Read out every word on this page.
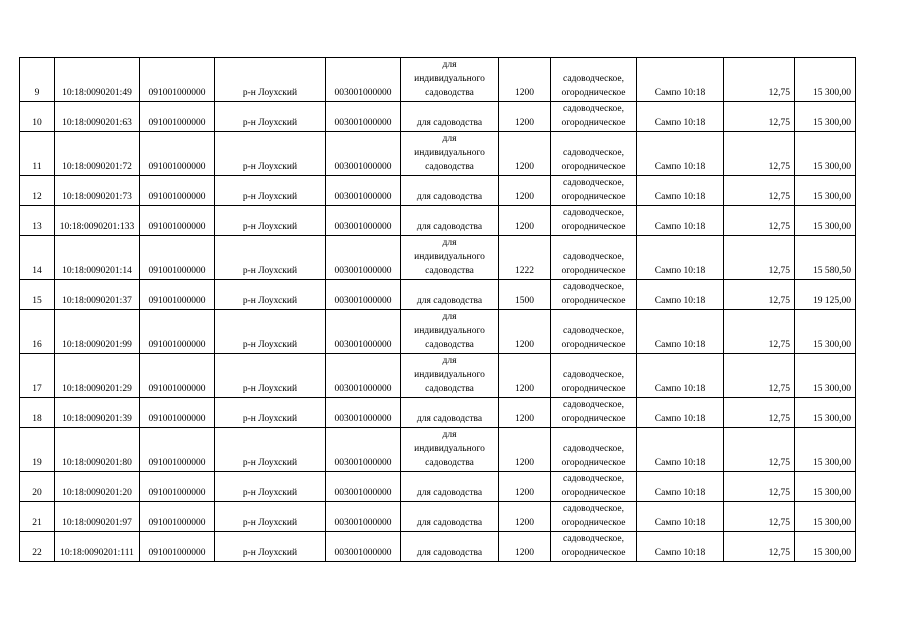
9	10:18:0090201:49	091001000000	р-н Лоухский	003001000000	для
индивидуального
садоводства	1200	садоводческое,
огородническое	Сампо 10:18	12,75	15 300,00
10	10:18:0090201:63	091001000000	р-н Лоухский	003001000000	для садоводства	1200	садоводческое,
огородническое	Сампо 10:18	12,75	15 300,00
11	10:18:0090201:72	091001000000	р-н Лоухский	003001000000	для
индивидуального
садоводства	1200	садоводческое,
огородническое	Сампо 10:18	12,75	15 300,00
12	10:18:0090201:73	091001000000	р-н Лоухский	003001000000	для садоводства	1200	садоводческое,
огородническое	Сампо 10:18	12,75	15 300,00
13	10:18:0090201:133	091001000000	р-н Лоухский	003001000000	для садоводства	1200	садоводческое,
огородническое	Сампо 10:18	12,75	15 300,00
14	10:18:0090201:14	091001000000	р-н Лоухский	003001000000	для
индивидуального
садоводства	1222	садоводческое,
огородническое	Сампо 10:18	12,75	15 580,50
15	10:18:0090201:37	091001000000	р-н Лоухский	003001000000	для садоводства	1500	садоводческое,
огородническое	Сампо 10:18	12,75	19 125,00
16	10:18:0090201:99	091001000000	р-н Лоухский	003001000000	для
индивидуального
садоводства	1200	садоводческое,
огородническое	Сампо 10:18	12,75	15 300,00
17	10:18:0090201:29	091001000000	р-н Лоухский	003001000000	для
индивидуального
садоводства	1200	садоводческое,
огородническое	Сампо 10:18	12,75	15 300,00
18	10:18:0090201:39	091001000000	р-н Лоухский	003001000000	для садоводства	1200	садоводческое,
огородническое	Сампо 10:18	12,75	15 300,00
19	10:18:0090201:80	091001000000	р-н Лоухский	003001000000	для
индивидуального
садоводства	1200	садоводческое,
огородническое	Сампо 10:18	12,75	15 300,00
20	10:18:0090201:20	091001000000	р-н Лоухский	003001000000	для садоводства	1200	садоводческое,
огородническое	Сампо 10:18	12,75	15 300,00
21	10:18:0090201:97	091001000000	р-н Лоухский	003001000000	для садоводства	1200	садоводческое,
огородническое	Сампо 10:18	12,75	15 300,00
22	10:18:0090201:111	091001000000	р-н Лоухский	003001000000	для садоводства	1200	садоводческое,
огородническое	Сампо 10:18	12,75	15 300,00
